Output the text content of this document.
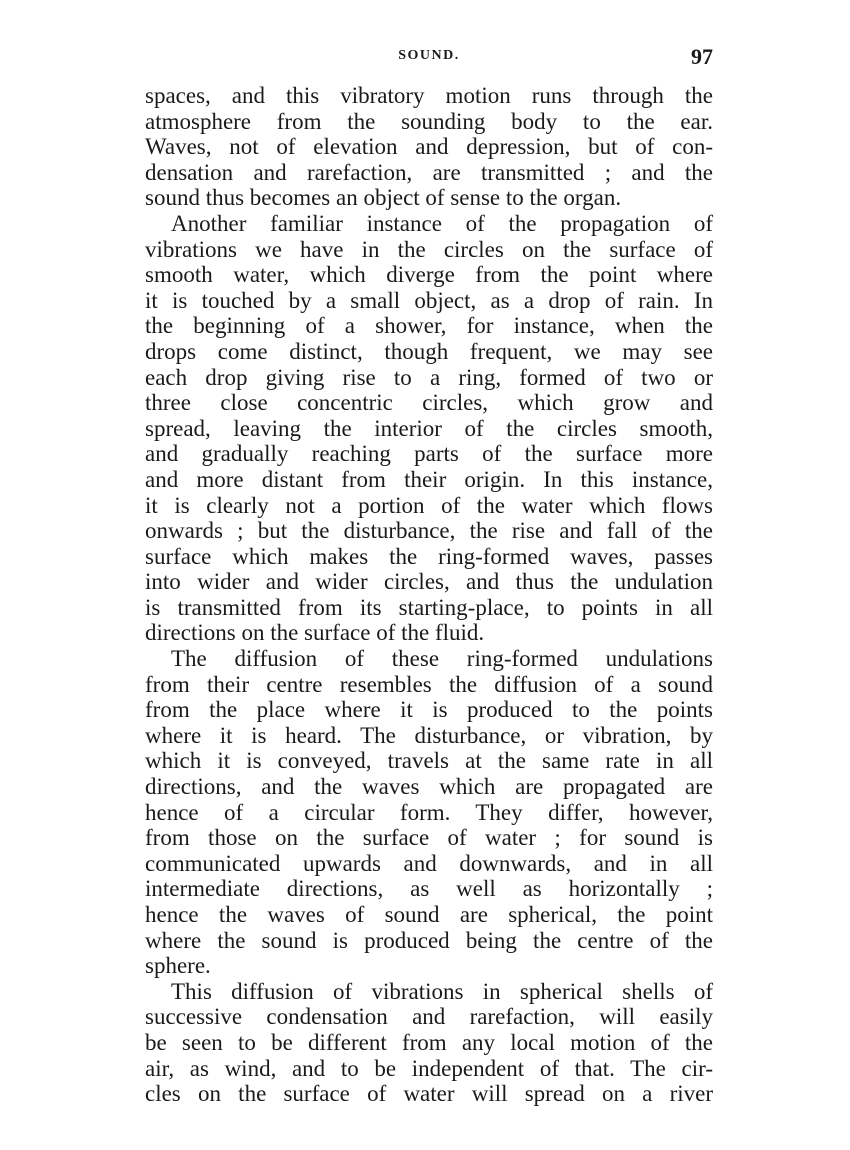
SOUND.	97
spaces, and this vibratory motion runs through the
atmosphere from the sounding body to the ear.
Waves, not of elevation and depression, but of con-
densation and rarefaction, are transmitted ; and the
sound thus becomes an object of sense to the organ.
Another familiar instance of the propagation of
vibrations we have in the circles on the surface of
smooth water, which diverge from the point where
it is touched by a small object, as a drop of rain. In
the beginning of a shower, for instance, when the
drops come distinct, though frequent, we may see
each drop giving rise to a ring, formed of two or
three close concentric circles, which grow and
spread, leaving the interior of the circles smooth,
and gradually reaching parts of the surface more
and more distant from their origin. In this instance,
it is clearly not a portion of the water which flows
onwards ; but the disturbance, the rise and fall of the
surface which makes the ring-formed waves, passes
into wider and wider circles, and thus the undulation
is transmitted from its starting-place, to points in all
directions on the surface of the fluid.
The diffusion of these ring-formed undulations
from their centre resembles the diffusion of a sound
from the place where it is produced to the points
where it is heard. The disturbance, or vibration, by
which it is conveyed, travels at the same rate in all
directions, and the waves which are propagated are
hence of a circular form. They differ, however,
from those on the surface of water ; for sound is
communicated upwards and downwards, and in all
intermediate directions, as well as horizontally ;
hence the waves of sound are spherical, the point
where the sound is produced being the centre of the
sphere.
This diffusion of vibrations in spherical shells of
successive condensation and rarefaction, will easily
be seen to be different from any local motion of the
air, as wind, and to be independent of that. The cir-
cles on the surface of water will spread on a river
